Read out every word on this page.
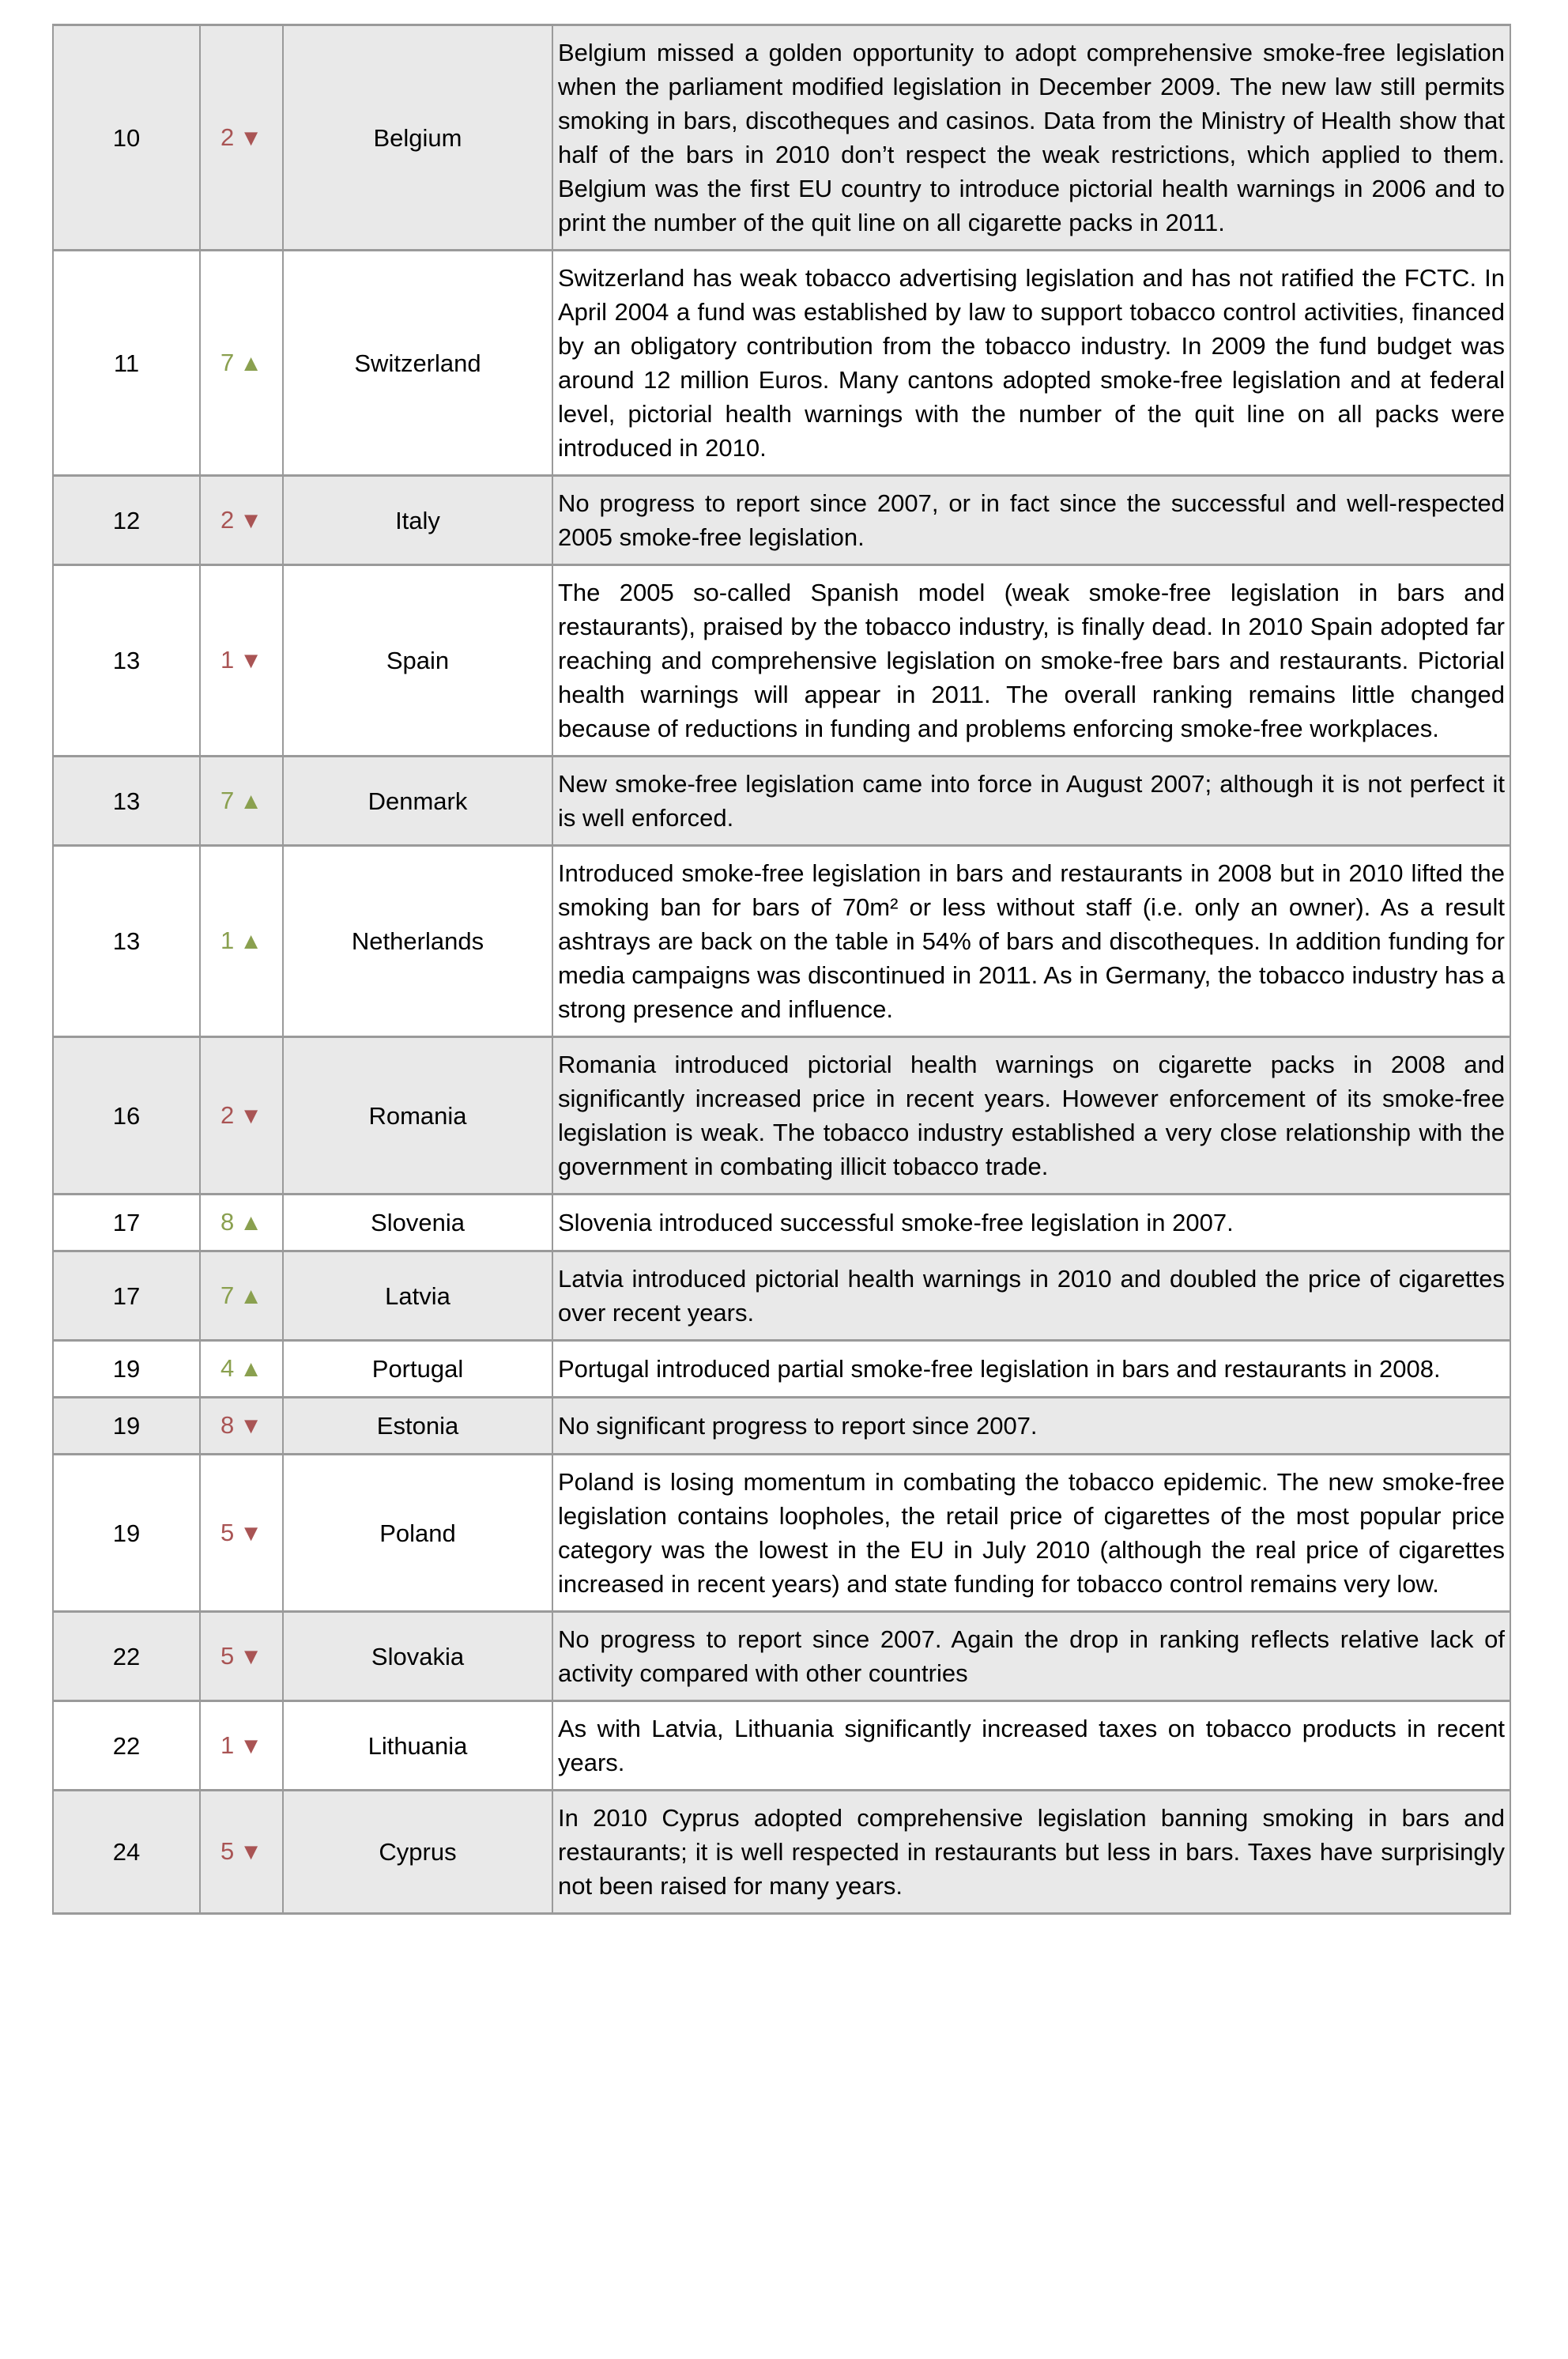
10	2 ▼	Belgium	Belgium missed a golden opportunity to adopt comprehensive smoke-free legislation when the parliament modified legislation in December 2009. The new law still permits smoking in bars, discotheques and casinos. Data from the Ministry of Health show that half of the bars in 2010 don’t respect the weak restrictions, which applied to them. Belgium was the first EU country to introduce pictorial health warnings in 2006 and to print the number of the quit line on all cigarette packs in 2011.
11	7 ▲	Switzerland	Switzerland has weak tobacco advertising legislation and has not ratified the FCTC. In April 2004 a fund was established by law to support tobacco control activities, financed by an obligatory contribution from the tobacco industry. In 2009 the fund budget was around 12 million Euros. Many cantons adopted smoke-free legislation and at federal level, pictorial health warnings with the number of the quit line on all packs were introduced in 2010.
12	2 ▼	Italy	No progress to report since 2007, or in fact since the successful and well-respected 2005 smoke-free legislation.
13	1 ▼	Spain	The 2005 so-called Spanish model (weak smoke-free legislation in bars and restaurants), praised by the tobacco industry, is finally dead. In 2010 Spain adopted far reaching and comprehensive legislation on smoke-free bars and restaurants. Pictorial health warnings will appear in 2011. The overall ranking remains little changed because of reductions in funding and problems enforcing smoke-free workplaces.
13	7 ▲	Denmark	New smoke-free legislation came into force in August 2007; although it is not perfect it is well enforced.
13	1 ▲	Netherlands	Introduced smoke-free legislation in bars and restaurants in 2008 but in 2010 lifted the smoking ban for bars of 70m² or less without staff (i.e. only an owner). As a result ashtrays are back on the table in 54% of bars and discotheques. In addition funding for media campaigns was discontinued in 2011. As in Germany, the tobacco industry has a strong presence and influence.
16	2 ▼	Romania	Romania introduced pictorial health warnings on cigarette packs in 2008 and significantly increased price in recent years. However enforcement of its smoke-free legislation is weak. The tobacco industry established a very close relationship with the government in combating illicit tobacco trade.
17	8 ▲	Slovenia	Slovenia introduced successful smoke-free legislation in 2007.
17	7 ▲	Latvia	Latvia introduced pictorial health warnings in 2010 and doubled the price of cigarettes over recent years.
19	4 ▲	Portugal	Portugal introduced partial smoke-free legislation in bars and restaurants in 2008.
19	8 ▼	Estonia	No significant progress to report since 2007.
19	5 ▼	Poland	Poland is losing momentum in combating the tobacco epidemic. The new smoke-free legislation contains loopholes, the retail price of cigarettes of the most popular price category was the lowest in the EU in July 2010 (although the real price of cigarettes increased in recent years) and state funding for tobacco control remains very low.
22	5 ▼	Slovakia	No progress to report since 2007. Again the drop in ranking reflects relative lack of activity compared with other countries
22	1 ▼	Lithuania	As with Latvia, Lithuania significantly increased taxes on tobacco products in recent years.
24	5 ▼	Cyprus	In 2010 Cyprus adopted comprehensive legislation banning smoking in bars and restaurants; it is well respected in restaurants but less in bars. Taxes have surprisingly not been raised for many years.
